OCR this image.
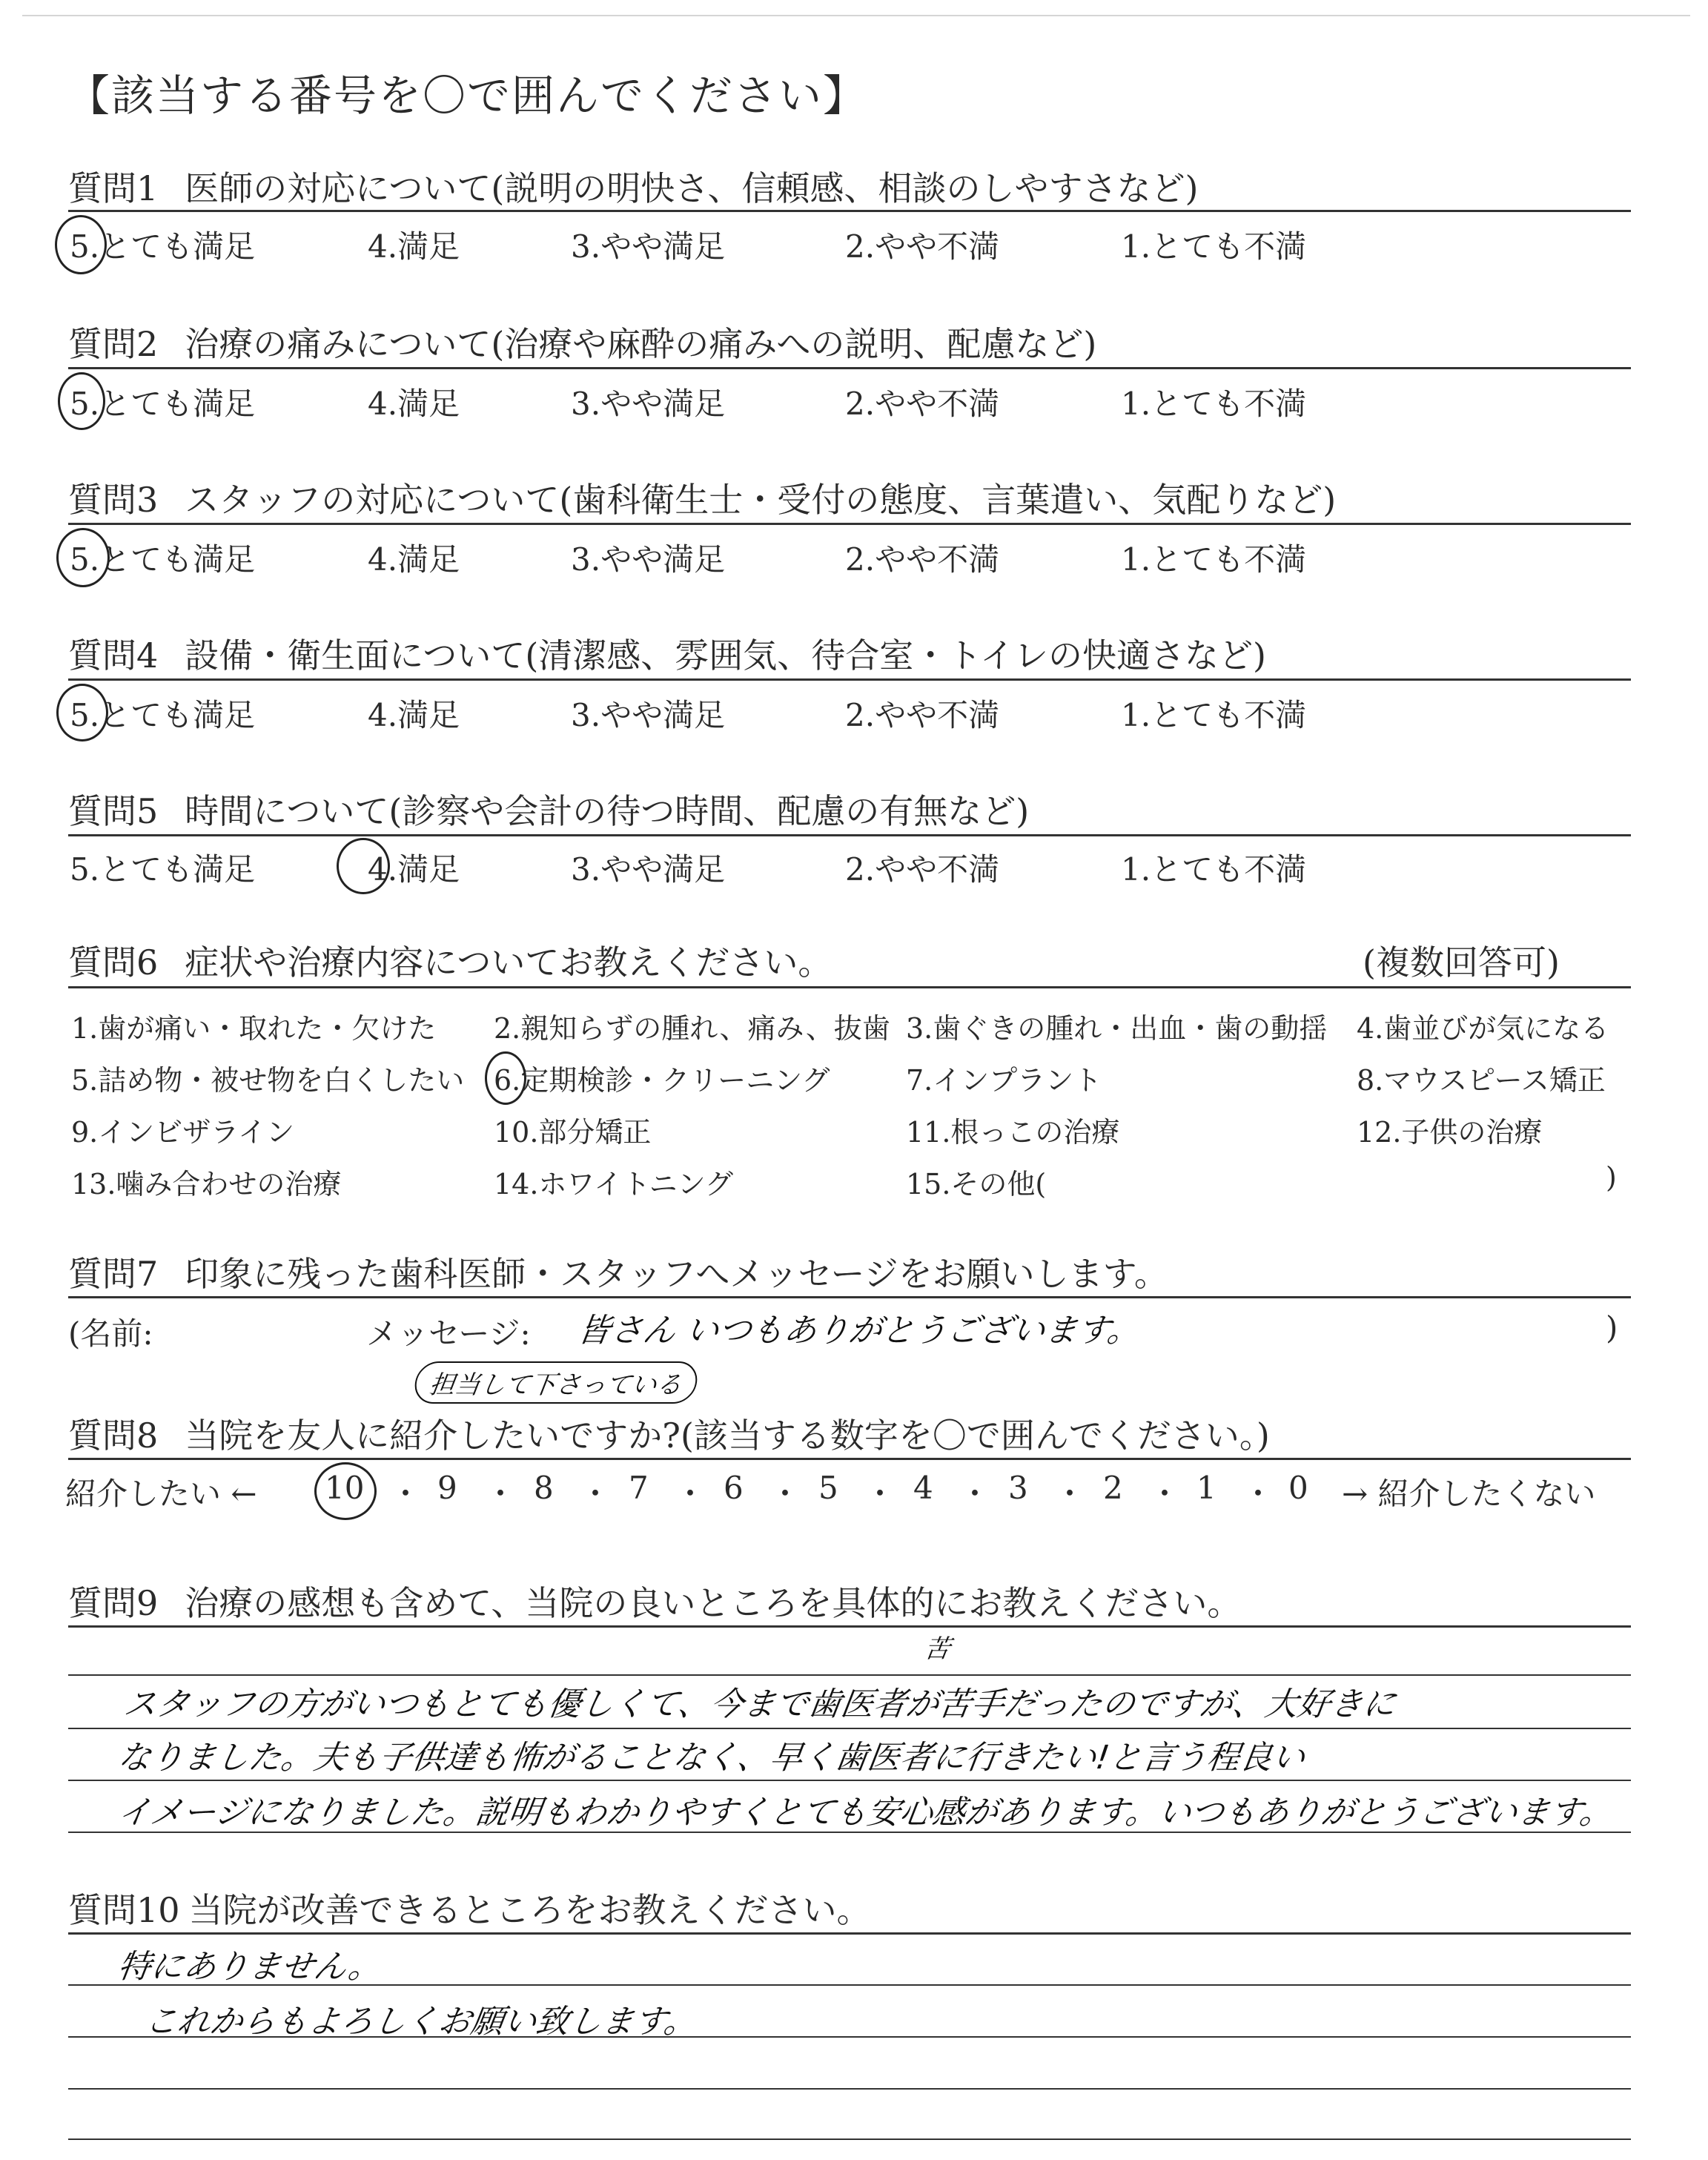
【該当する番号を〇で囲んでください】
質問1 医師の対応について(説明の明快さ、信頼感、相談のしやすさなど)
5.とても満足	4.満足	3.やや満足	2.やや不満	1.とても不満
質問2 治療の痛みについて(治療や麻酔の痛みへの説明、配慮など)
5.とても満足	4.満足	3.やや満足	2.やや不満	1.とても不満
質問3 スタッフの対応について(歯科衛生士・受付の態度、言葉遣い、気配りなど)
5.とても満足	4.満足	3.やや満足	2.やや不満	1.とても不満
質問4 設備・衛生面について(清潔感、雰囲気、待合室・トイレの快適さなど)
5.とても満足	4.満足	3.やや満足	2.やや不満	1.とても不満
質問5 時間について(診察や会計の待つ時間、配慮の有無など)
5.とても満足	4.満足	3.やや満足	2.やや不満	1.とても不満
質問6 症状や治療内容についてお教えください。	(複数回答可)
1.歯が痛い・取れた・欠けた 2.親知らずの腫れ、痛み、抜歯 3.歯ぐきの腫れ・出血・歯の動揺 4.歯並びが気になる
5.詰め物・被せ物を白くしたい 6.定期検診・クリーニング	7.インプラント	8.マウスピース矯正
9.インビザライン	10.部分矯正	11.根っこの治療	12.子供の治療
13.噛み合わせの治療	14.ホワイトニング	15.その他(	)
質問7 印象に残った歯科医師・スタッフへメッセージをお願いします。
(名前:	メッセージ:	)
皆さん いつもありがとうございます。
担当して下さっている
質問8 当院を友人に紹介したいですか?(該当する数字を〇で囲んでください。)
紹介したい ← 10 ・ 9 ・ 8 ・ 7 ・ 6 ・ 5 ・ 4 ・ 3 ・ 2 ・ 1 ・ 0 → 紹介したくない
質問9 治療の感想も含めて、当院の良いところを具体的にお教えください。
苦
スタッフの方がいつもとても優しくて、今まで歯医者が苦手だったのですが、大好きに
なりました。夫も子供達も怖がることなく、早く歯医者に行きたい!と言う程良い
イメージになりました。説明もわかりやすくとても安心感があります。いつもありがとうございます。
質問10 当院が改善できるところをお教えください。
特にありません。
これからもよろしくお願い致します。
